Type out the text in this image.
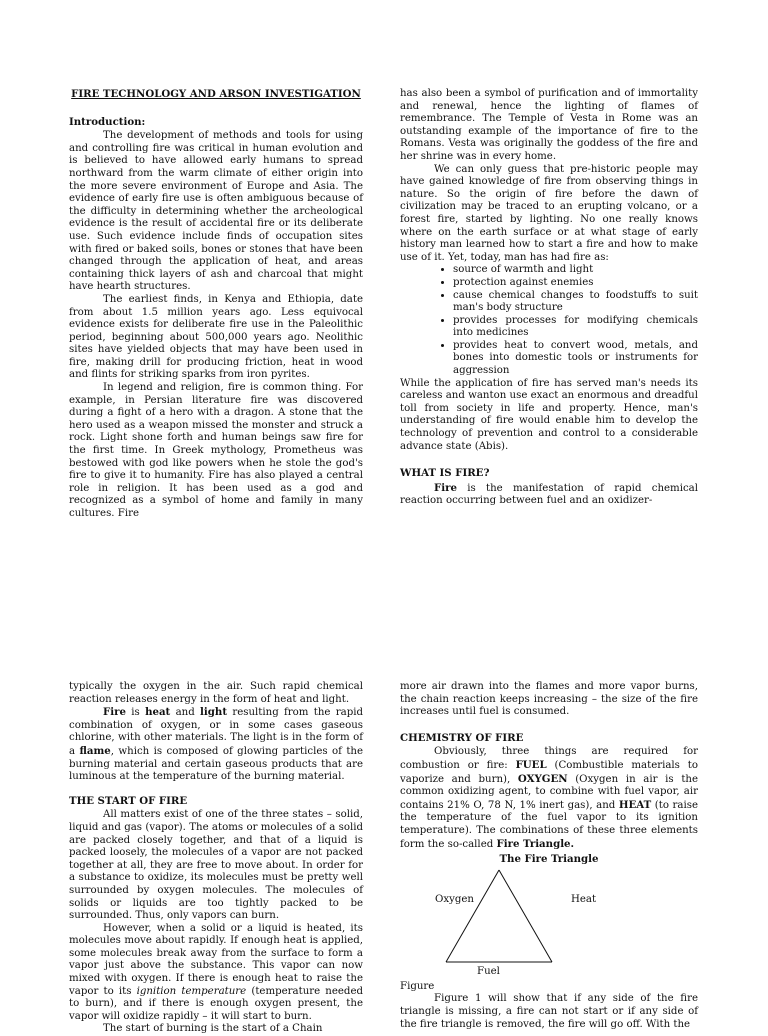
FIRE TECHNOLOGY AND ARSON INVESTIGATION

Introduction:

The development of methods and tools for using and controlling fire was critical in human evolution and is believed to have allowed early humans to spread northward from the warm climate of either origin into the more severe environment of Europe and Asia. The evidence of early fire use is often ambiguous because of the difficulty in determining whether the archeological evidence is the result of accidental fire or its deliberate use. Such evidence include finds of occupation sites with fired or baked soils, bones or stones that have been changed through the application of heat, and areas containing thick layers of ash and charcoal that might have hearth structures.

The earliest finds, in Kenya and Ethiopia, date from about 1.5 million years ago. Less equivocal evidence exists for deliberate fire use in the Paleolithic period, beginning about 500,000 years ago. Neolithic sites have yielded objects that may have been used in fire, making drill for producing friction, heat in wood and flints for striking sparks from iron pyrites.

In legend and religion, fire is common thing. For example, in Persian literature fire was discovered during a fight of a hero with a dragon. A stone that the hero used as a weapon missed the monster and struck a rock. Light shone forth and human beings saw fire for the first time. In Greek mythology, Prometheus was bestowed with god like powers when he stole the god's fire to give it to humanity. Fire has also played a central role in religion. It has been used as a god and recognized as a symbol of home and family in many cultures. Fire

has also been a symbol of purification and of immortality and renewal, hence the lighting of flames of remembrance. The Temple of Vesta in Rome was an outstanding example of the importance of fire to the Romans. Vesta was originally the goddess of the fire and her shrine was in every home.

We can only guess that pre-historic people may have gained knowledge of fire from observing things in nature. So the origin of fire before the dawn of civilization may be traced to an erupting volcano, or a forest fire, started by lighting. No one really knows where on the earth surface or at what stage of early history man learned how to start a fire and how to make use of it. Yet, today, man has had fire as:

• source of warmth and light
• protection against enemies
• cause chemical changes to foodstuffs to suit man's body structure
• provides processes for modifying chemicals into medicines
• provides heat to convert wood, metals, and bones into domestic tools or instruments for aggression

While the application of fire has served man's needs its careless and wanton use exact an enormous and dreadful toll from society in life and property. Hence, man's understanding of fire would enable him to develop the technology of prevention and control to a considerable advance state (Abis).

WHAT IS FIRE?

Fire is the manifestation of rapid chemical reaction occurring between fuel and an oxidizer-

typically the oxygen in the air. Such rapid chemical reaction releases energy in the form of heat and light.

Fire is heat and light resulting from the rapid combination of oxygen, or in some cases gaseous chlorine, with other materials. The light is in the form of a flame, which is composed of glowing particles of the burning material and certain gaseous products that are luminous at the temperature of the burning material.

THE START OF FIRE

All matters exist of one of the three states – solid, liquid and gas (vapor). The atoms or molecules of a solid are packed closely together, and that of a liquid is packed loosely, the molecules of a vapor are not packed together at all, they are free to move about. In order for a substance to oxidize, its molecules must be pretty well surrounded by oxygen molecules. The molecules of solids or liquids are too tightly packed to be surrounded. Thus, only vapors can burn.

However, when a solid or a liquid is heated, its molecules move about rapidly. If enough heat is applied, some molecules break away from the surface to form a vapor just above the substance. This vapor can now mixed with oxygen. If there is enough heat to raise the vapor to its ignition temperature (temperature needed to burn), and if there is enough oxygen present, the vapor will oxidize rapidly – it will start to burn.

The start of burning is the start of a Chain

more air drawn into the flames and more vapor burns, the chain reaction keeps increasing – the size of the fire increases until fuel is consumed.

CHEMISTRY OF FIRE

Obviously, three things are required for combustion or fire: FUEL (Combustible materials to vaporize and burn), OXYGEN (Oxygen in air is the common oxidizing agent, to combine with fuel vapor, air contains 21% O, 78 N, 1% inert gas), and HEAT (to raise the temperature of the fuel vapor to its ignition temperature). The combinations of these three elements form the so-called Fire Triangle.

The Fire Triangle

Oxygen	Heat
Fuel

Figure

Figure 1 will show that if any side of the fire triangle is missing, a fire can not start or if any side of the fire triangle is removed, the fire will go off. With the
